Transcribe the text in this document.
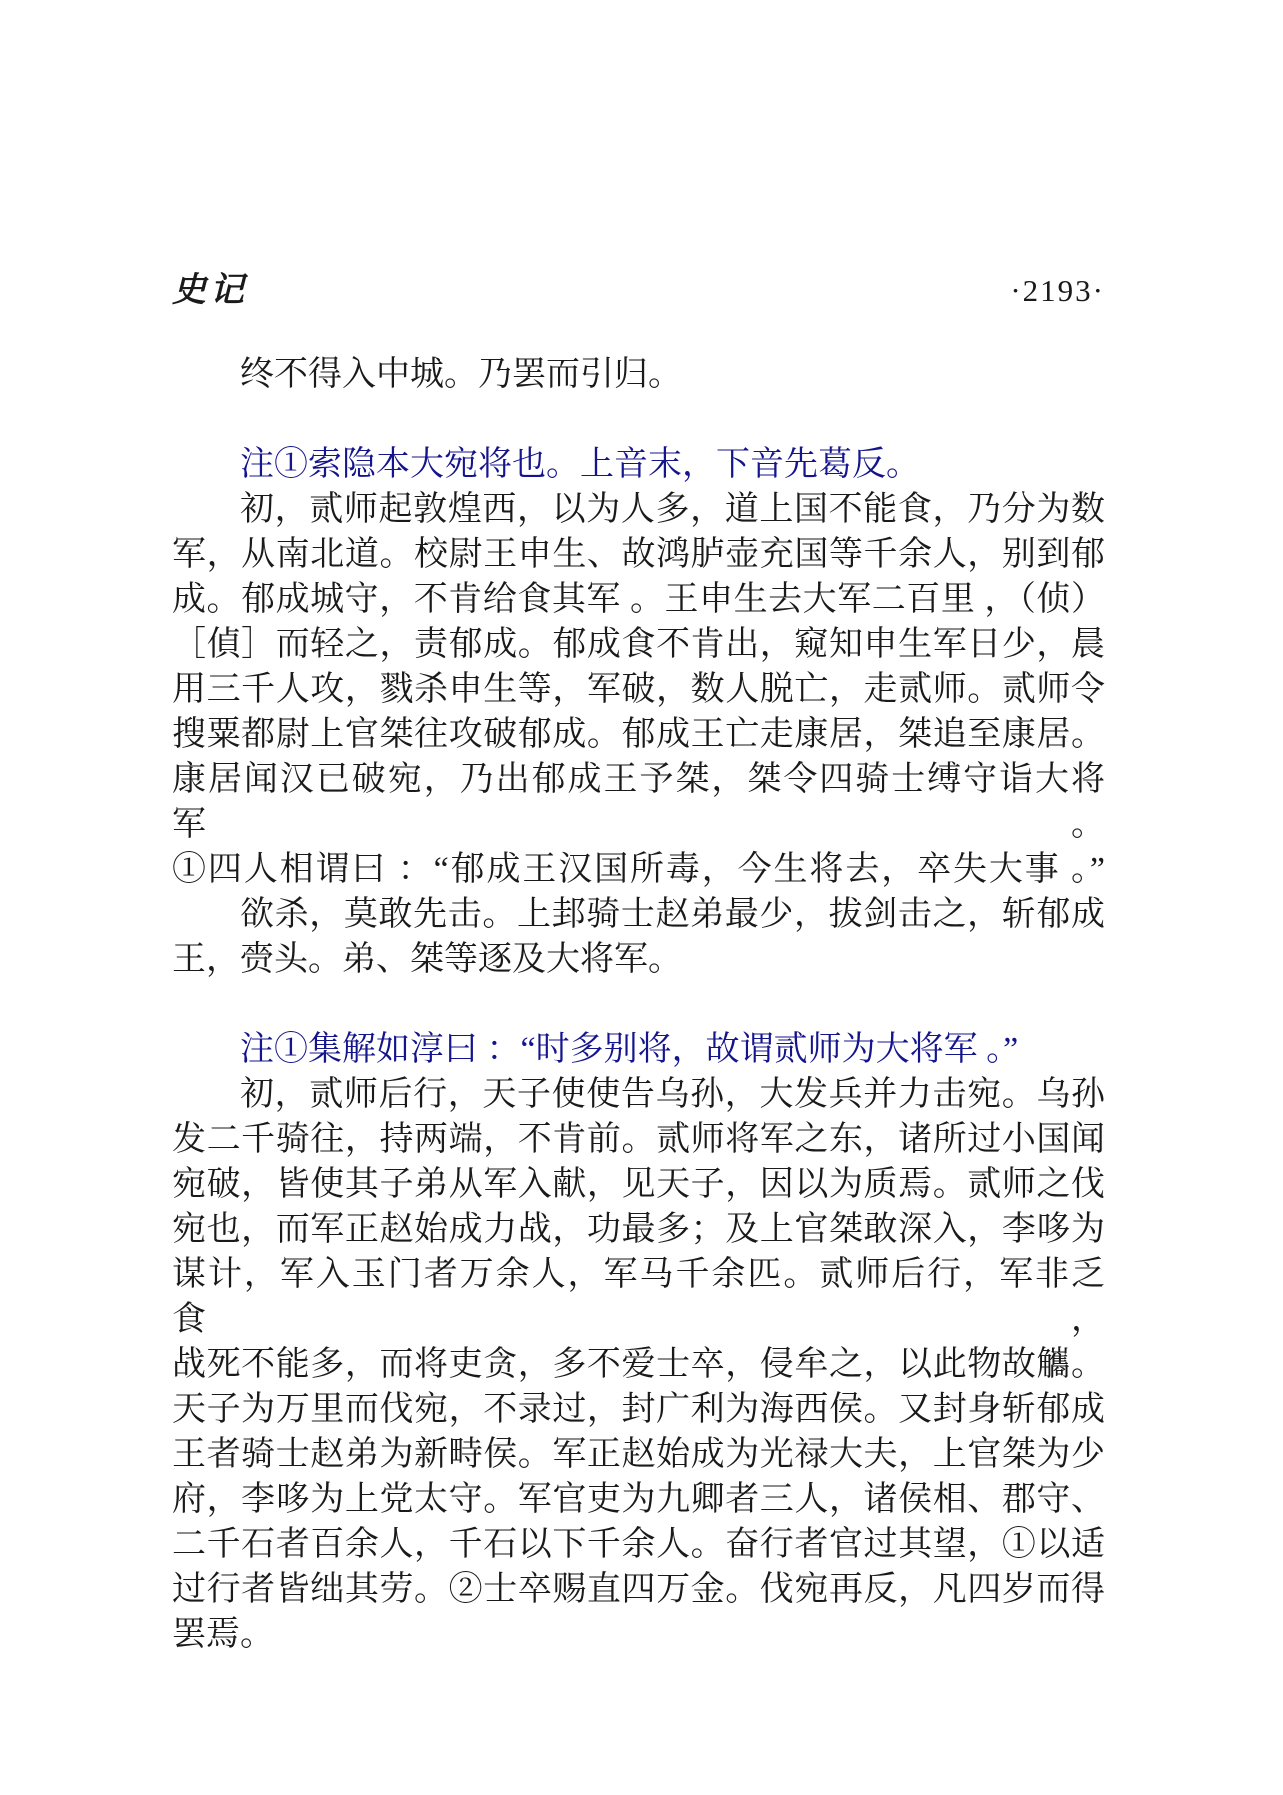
史记	·2193·
终不得入中城。乃罢而引归。
注①索隐本大宛将也。上音末，下音先葛反。
初，贰师起敦煌西，以为人多，道上国不能食，乃分为数
军，从南北道。校尉王申生、故鸿胪壶充国等千余人，别到郁
成。郁成城守，不肯给食其军 。王申生去大军二百里 ，（侦）
［偵］而轻之，责郁成。郁成食不肯出，窥知申生军日少，晨
用三千人攻，戮杀申生等，军破，数人脱亡，走贰师。贰师令
搜粟都尉上官桀往攻破郁成。郁成王亡走康居，桀追至康居。
康居闻汉已破宛，乃出郁成王予桀，桀令四骑士缚守诣大将军。
①四人相谓曰 ：“郁成王汉国所毒，今生将去，卒失大事 。”
欲杀，莫敢先击。上邽骑士赵弟最少，拔剑击之，斩郁成
王，赍头。弟、桀等逐及大将军。
注①集解如淳曰 ：“时多别将，故谓贰师为大将军 。”
初，贰师后行，天子使使告乌孙，大发兵并力击宛。乌孙
发二千骑往，持两端，不肯前。贰师将军之东，诸所过小国闻
宛破，皆使其子弟从军入献，见天子，因以为质焉。贰师之伐
宛也，而军正赵始成力战，功最多；及上官桀敢深入，李哆为
谋计，军入玉门者万余人，军马千余匹。贰师后行，军非乏食，
战死不能多，而将吏贪，多不爱士卒，侵牟之，以此物故觿。
天子为万里而伐宛，不录过，封广利为海西侯。又封身斩郁成
王者骑士赵弟为新畤侯。军正赵始成为光禄大夫，上官桀为少
府，李哆为上党太守。军官吏为九卿者三人，诸侯相、郡守、
二千石者百余人，千石以下千余人。奋行者官过其望，①以适
过行者皆绌其劳。②士卒赐直四万金。伐宛再反，凡四岁而得
罢焉。
